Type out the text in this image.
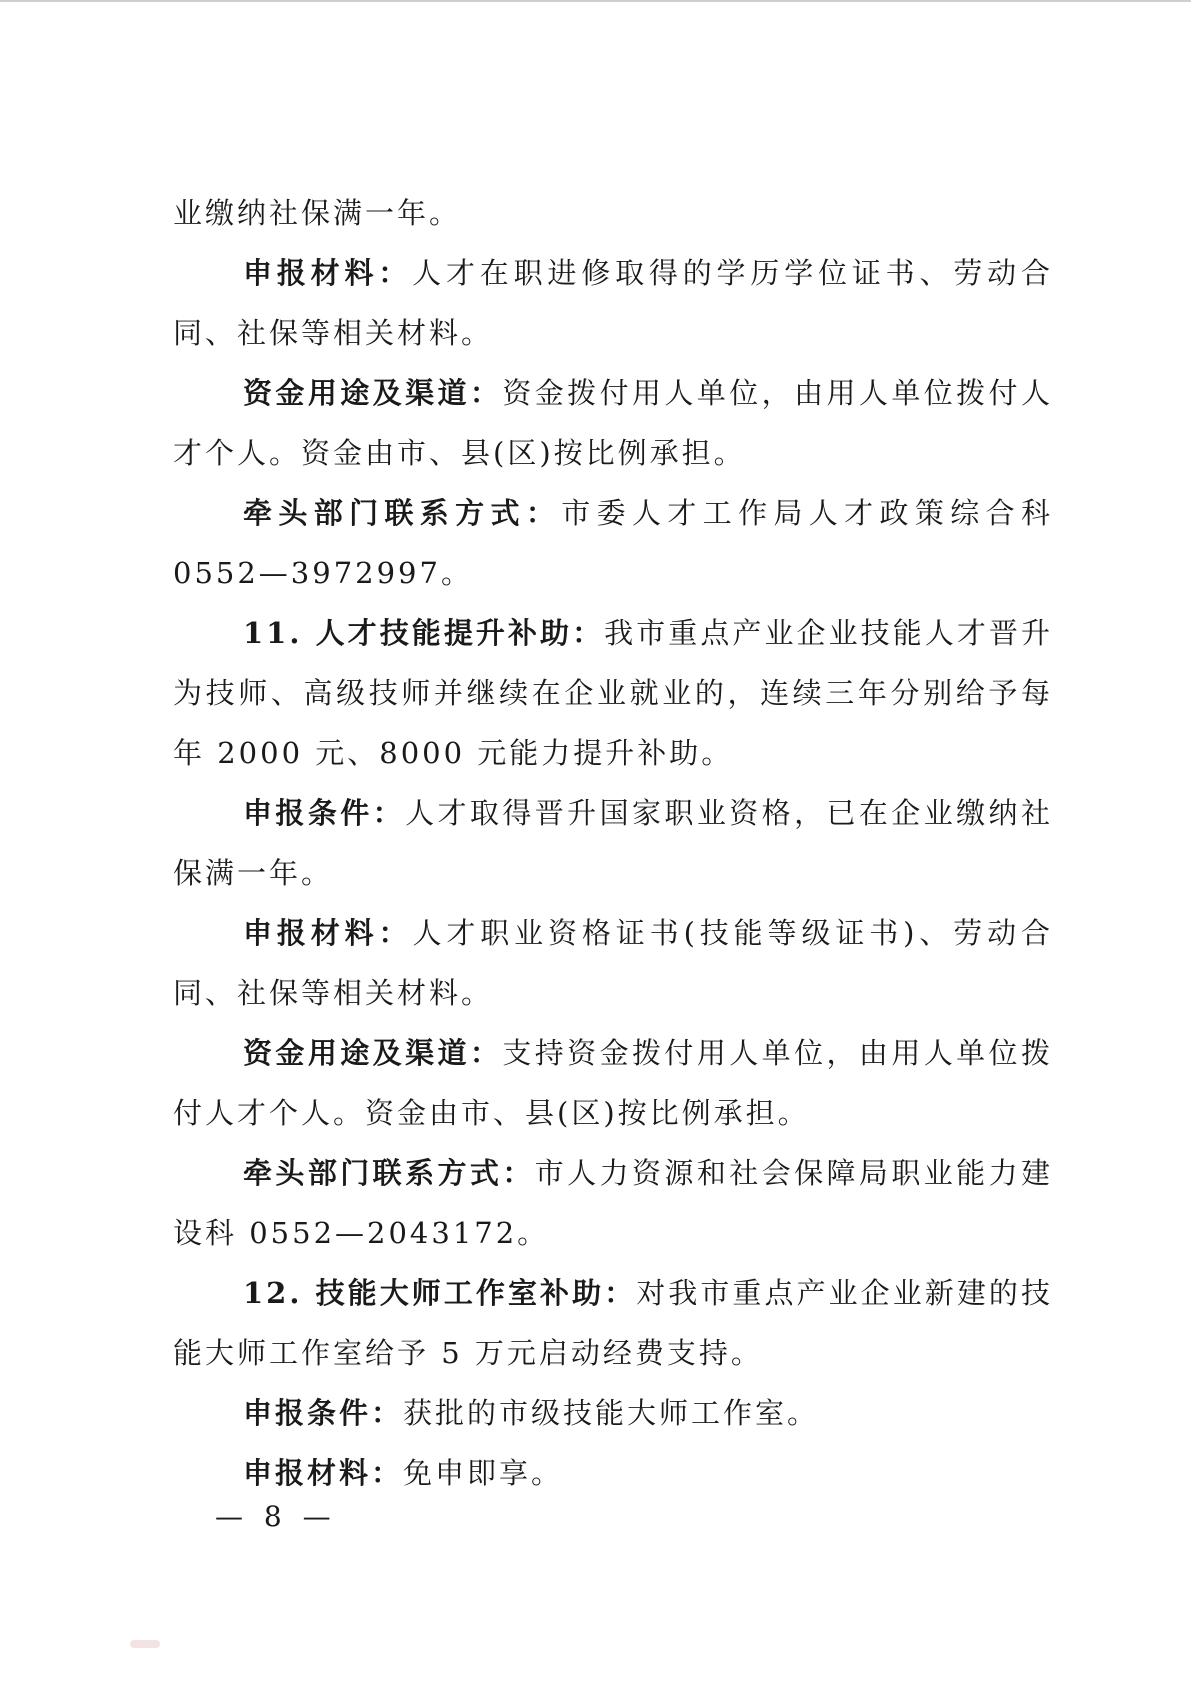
业缴纳社保满一年。

申报材料：人才在职进修取得的学历学位证书、劳动合同、社保等相关材料。

资金用途及渠道：资金拨付用人单位，由用人单位拨付人才个人。资金由市、县(区)按比例承担。

牵头部门联系方式：市委人才工作局人才政策综合科 0552—3972997。

11. 人才技能提升补助：我市重点产业企业技能人才晋升为技师、高级技师并继续在企业就业的，连续三年分别给予每年 2000 元、8000 元能力提升补助。

申报条件：人才取得晋升国家职业资格，已在企业缴纳社保满一年。

申报材料：人才职业资格证书(技能等级证书)、劳动合同、社保等相关材料。

资金用途及渠道：支持资金拨付用人单位，由用人单位拨付人才个人。资金由市、县(区)按比例承担。

牵头部门联系方式：市人力资源和社会保障局职业能力建设科 0552—2043172。

12. 技能大师工作室补助：对我市重点产业企业新建的技能大师工作室给予 5 万元启动经费支持。

申报条件：获批的市级技能大师工作室。

申报材料：免申即享。

— 8 —
